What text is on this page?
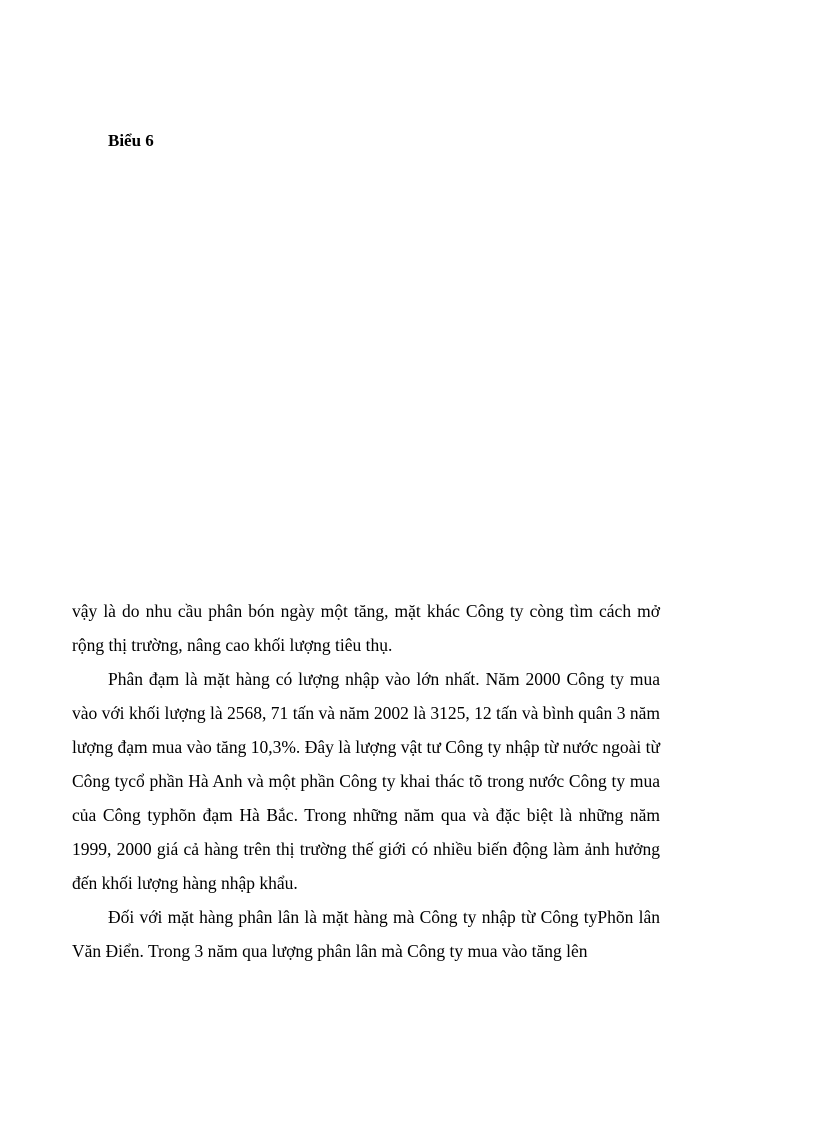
Biểu 6

vậy là do nhu cầu phân bón ngày một tăng, mặt khác Công ty còng tìm cách mở rộng thị trường, nâng cao khối lượng tiêu thụ.

Phân đạm là mặt hàng có lượng nhập vào lớn nhất. Năm 2000 Công ty mua vào với khối lượng là 2568, 71 tấn và năm 2002 là 3125, 12 tấn và bình quân 3 năm lượng đạm mua vào tăng 10,3%. Đây là lượng vật tư Công ty nhập từ nước ngoài từ Công tycổ phần Hà Anh và một phần Công ty khai thác tõ trong nước Công ty mua của Công typhõn đạm Hà Bắc. Trong những năm qua và đặc biệt là những năm 1999, 2000 giá cả hàng trên thị trường thế giới có nhiều biến động làm ảnh hưởng đến khối lượng hàng nhập khẩu.

Đối với mặt hàng phân lân là mặt hàng mà Công ty nhập từ Công tyPhõn lân Văn Điển. Trong 3 năm qua lượng phân lân mà Công ty mua vào tăng lên
